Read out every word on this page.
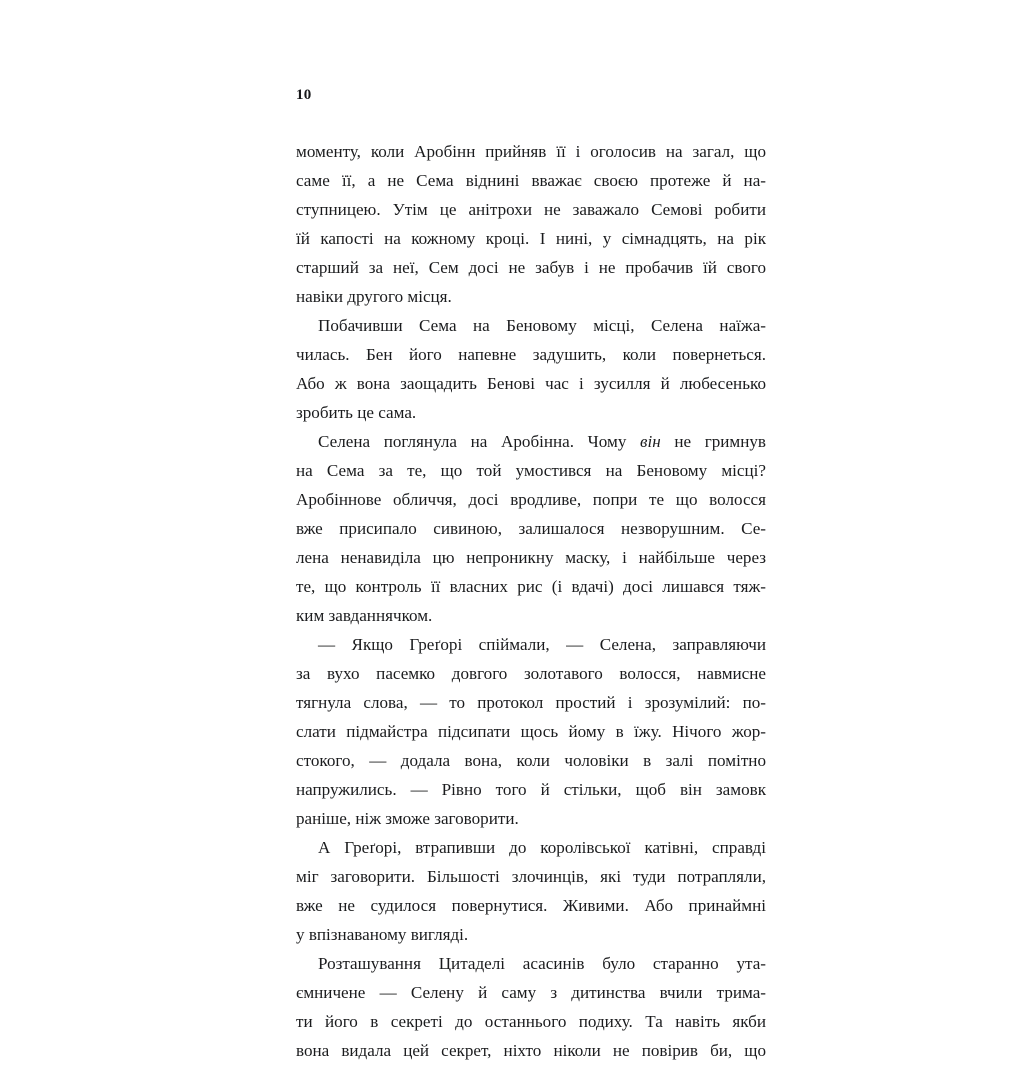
10

моменту, коли Аробінн прийняв її і оголосив на загал, що
саме її, а не Сема віднині вважає своєю протеже й на-
ступницею. Утім це анітрохи не заважало Семові робити
їй капості на кожному кроці. І нині, у сімнадцять, на рік
старший за неї, Сем досі не забув і не пробачив їй свого
навіки другого місця.

Побачивши Сема на Беновому місці, Селена наїжа-
чилась. Бен його напевне задушить, коли повернеться.
Або ж вона заощадить Бенові час і зусилля й любесенько
зробить це сама.

Селена поглянула на Аробінна. Чому він не гримнув
на Сема за те, що той умостився на Беновому місці?
Аробіннове обличчя, досі вродливе, попри те що волосся
вже присипало сивиною, залишалося незворушним. Се-
лена ненавиділа цю непроникну маску, і найбільше через
те, що контроль її власних рис (і вдачі) досі лишався тяж-
ким завданнячком.

— Якщо Греґорі спіймали, — Селена, заправляючи
за вухо пасемко довгого золотавого волосся, навмисне
тягнула слова, — то протокол простий і зрозумілий: по-
слати підмайстра підсипати щось йому в їжу. Нічого жор-
стокого, — додала вона, коли чоловіки в залі помітно
напружились. — Рівно того й стільки, щоб він замовк
раніше, ніж зможе заговорити.

А Греґорі, втрапивши до королівської катівні, справді
міг заговорити. Більшості злочинців, які туди потрапляли,
вже не судилося повернутися. Живими. Або принаймні
у впізнаваному вигляді.

Розташування Цитаделі асасинів було старанно ута-
ємничене — Селену й саму з дитинства вчили трима-
ти його в секреті до останнього подиху. Та навіть якби
вона видала цей секрет, ніхто ніколи не повірив би, що
